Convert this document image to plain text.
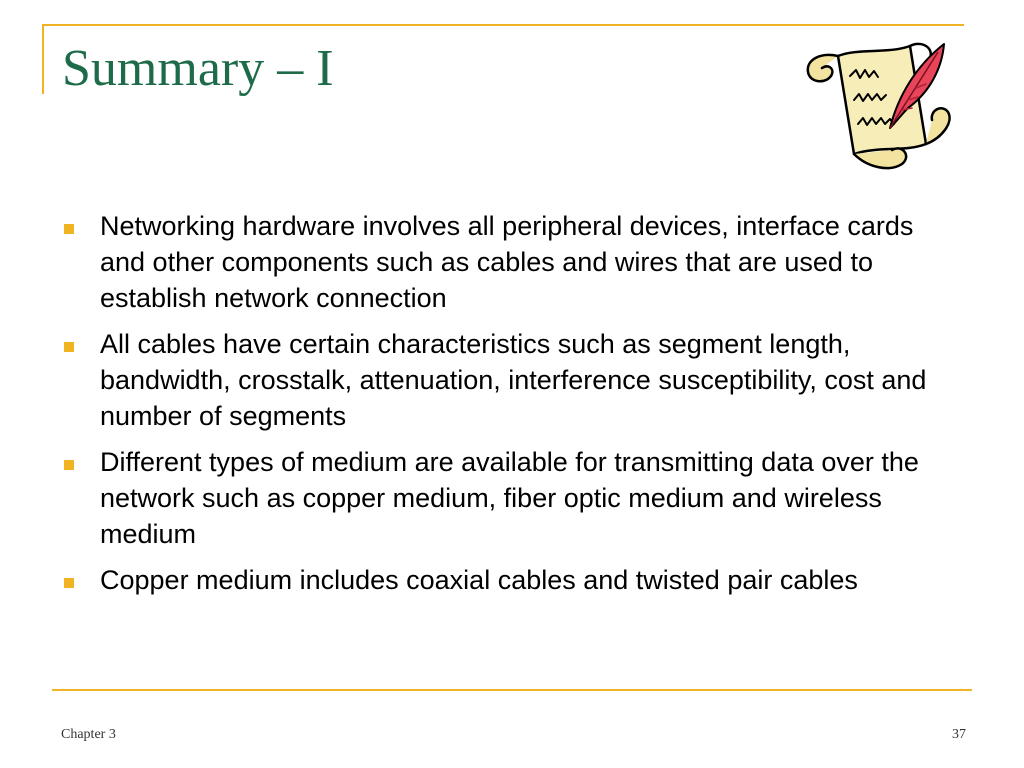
Summary – I
Networking hardware involves all peripheral devices, interface cards and other components such as cables and wires that are used to establish network connection
All cables have certain characteristics such as segment length, bandwidth, crosstalk, attenuation, interference susceptibility, cost and number of segments
Different types of medium are available for transmitting data over the network such as copper medium, fiber optic medium and wireless medium
Copper medium includes coaxial cables and twisted pair cables
Chapter 3	37
